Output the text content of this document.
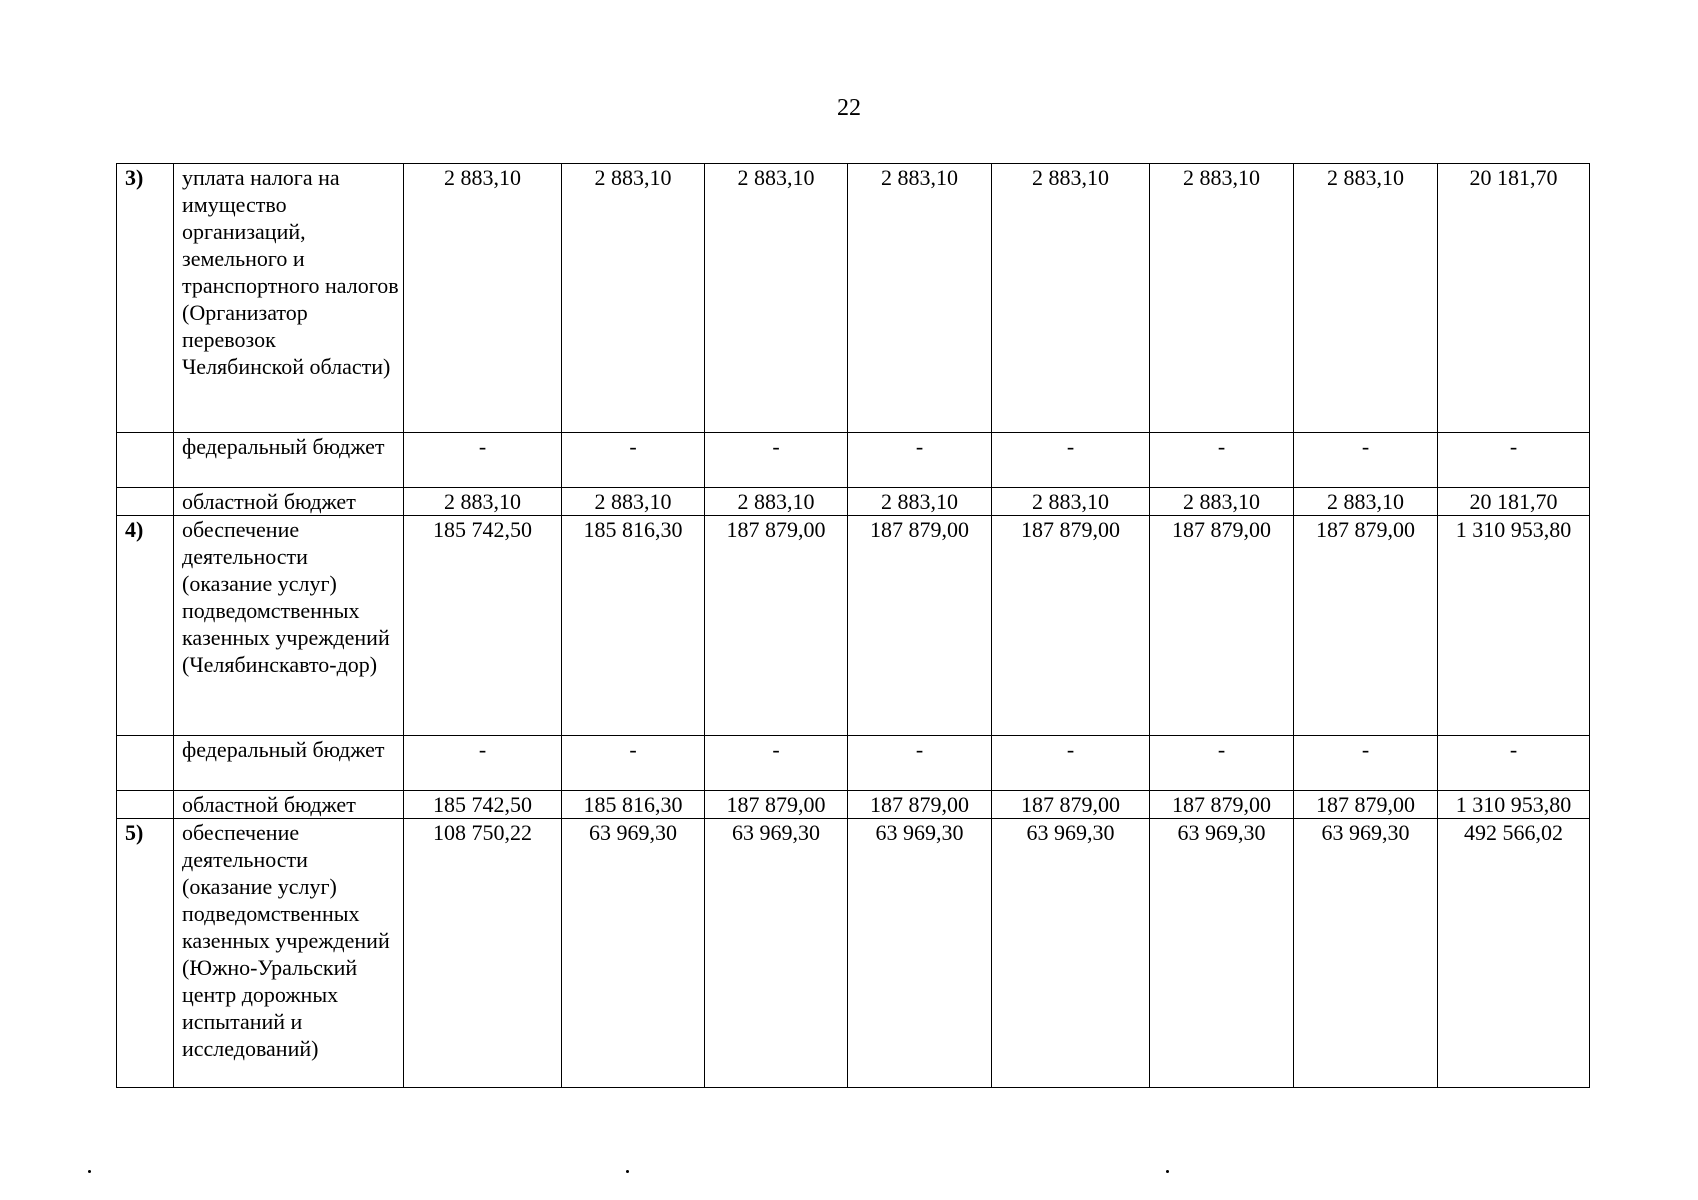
22
3)	уплата налога на имущество организаций, земельного и транспортного налогов (Организатор перевозок Челябинской области)	2 883,10	2 883,10	2 883,10	2 883,10	2 883,10	2 883,10	2 883,10	20 181,70
	федеральный бюджет	-	-	-	-	-	-	-	-
	областной бюджет	2 883,10	2 883,10	2 883,10	2 883,10	2 883,10	2 883,10	2 883,10	20 181,70
4)	обеспечение деятельности (оказание услуг) подведомственных казенных учреждений (Челябинскавто-дор)	185 742,50	185 816,30	187 879,00	187 879,00	187 879,00	187 879,00	187 879,00	1 310 953,80
	федеральный бюджет	-	-	-	-	-	-	-	-
	областной бюджет	185 742,50	185 816,30	187 879,00	187 879,00	187 879,00	187 879,00	187 879,00	1 310 953,80
5)	обеспечение деятельности (оказание услуг) подведомственных казенных учреждений (Южно-Уральский центр дорожных испытаний и исследований)	108 750,22	63 969,30	63 969,30	63 969,30	63 969,30	63 969,30	63 969,30	492 566,02
